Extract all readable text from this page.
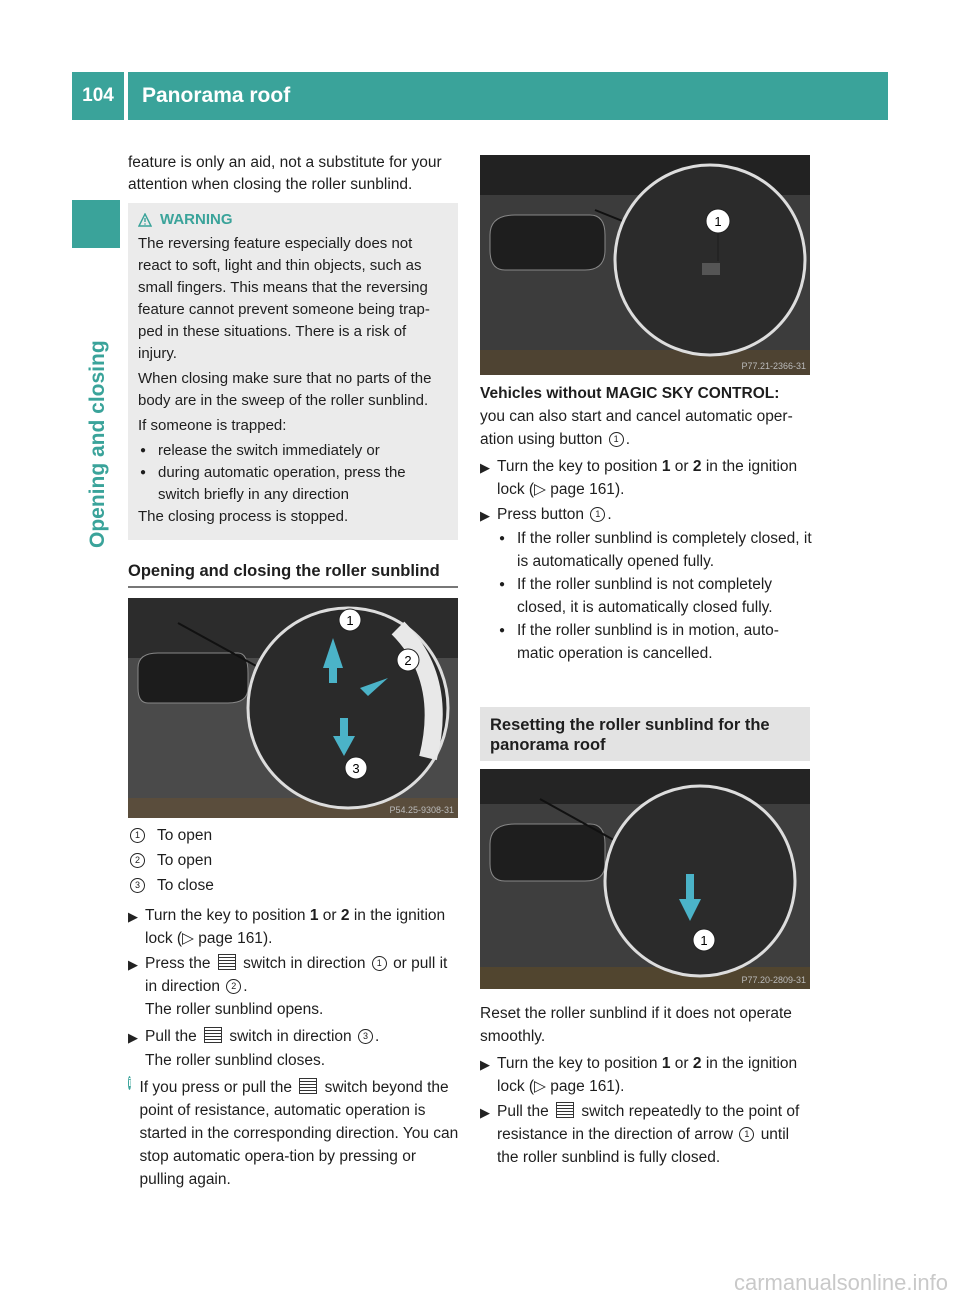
104	Panorama roof
Opening and closing

feature is only an aid, not a substitute for your attention when closing the roller sunblind.

WARNING

The reversing feature especially does not react to soft, light and thin objects, such as small fingers. This means that the reversing feature cannot prevent someone being trap-ped in these situations. There is a risk of injury.

When closing make sure that no parts of the body are in the sweep of the roller sunblind.

If someone is trapped:

● release the switch immediately or
● during automatic operation, press the switch briefly in any direction

The closing process is stopped.

Opening and closing the roller sunblind
1
2
3
P54.25-9308-31
1	To open
2	To open
3	To close
▶ Turn the key to position 1 or 2 in the ignition lock (▷ page 161).
▶ Press the switch in direction 1 or pull it in direction 2 .
The roller sunblind opens.
▶ Pull the switch in direction 3 .
The roller sunblind closes.
i If you press or pull the switch beyond the point of resistance, automatic operation is started in the corresponding direction. You can stop automatic opera-tion by pressing or pulling again.
1
P77.21-2366-31
Vehicles without MAGIC SKY CONTROL:
you can also start and cancel automatic oper-ation using button 1 .
▶ Turn the key to position 1 or 2 in the ignition lock (▷ page 161).
▶ Press button 1 .
● If the roller sunblind is completely closed, it is automatically opened fully.
● If the roller sunblind is not completely closed, it is automatically closed fully.
● If the roller sunblind is in motion, auto-matic operation is cancelled.
Resetting the roller sunblind for the panorama roof
1
P77.20-2809-31
Reset the roller sunblind if it does not operate smoothly.
▶ Turn the key to position 1 or 2 in the ignition lock (▷ page 161).
▶ Pull the switch repeatedly to the point of resistance in the direction of arrow 1 until the roller sunblind is fully closed.
carmanualsonline.info
